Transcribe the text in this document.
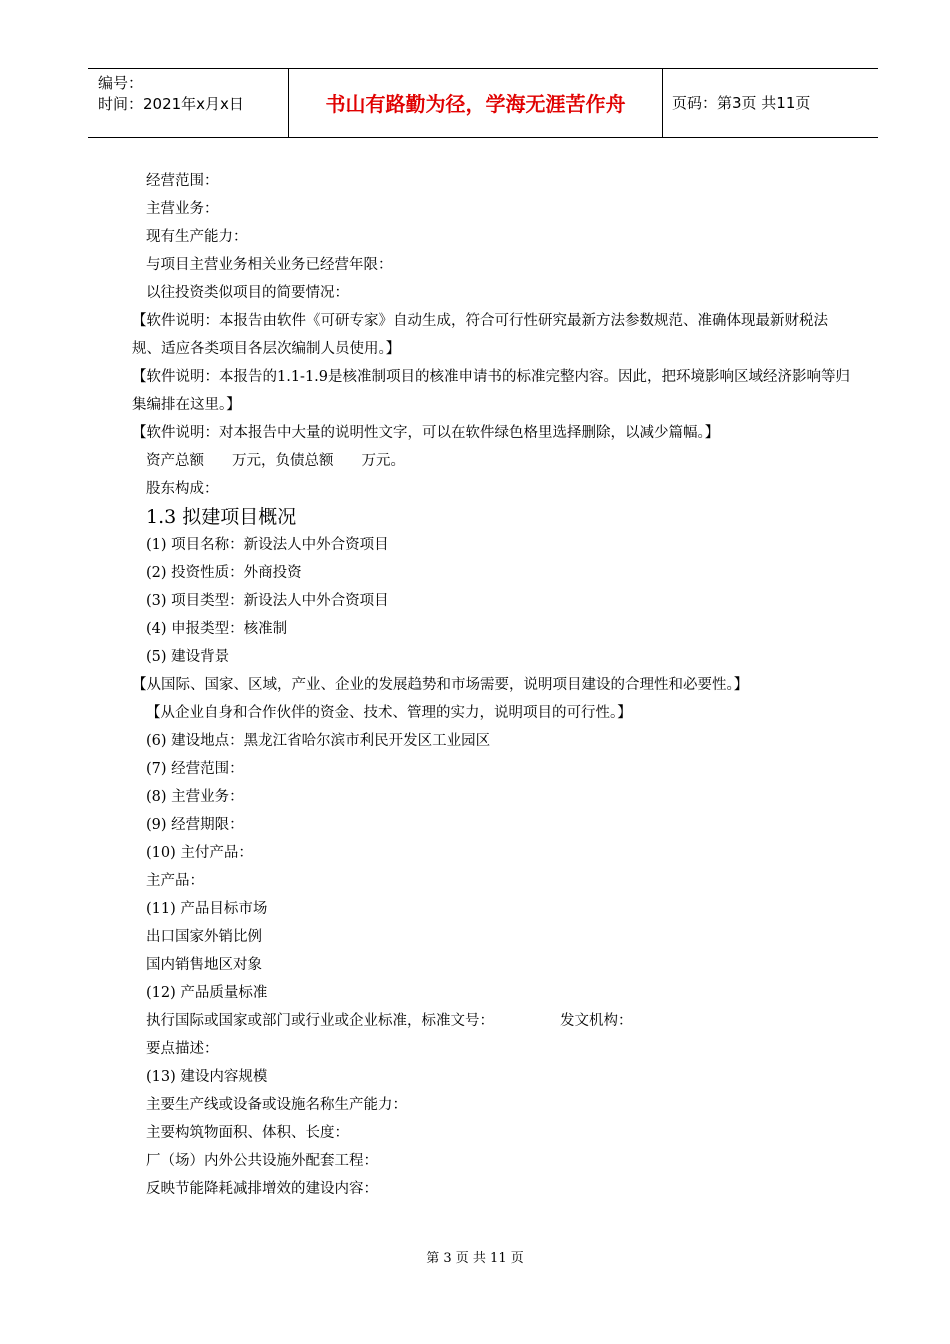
编号：
时间：2021年x月x日	书山有路勤为径，学海无涯苦作舟	页码：第3页 共11页
经营范围：
主营业务：
现有生产能力：
与项目主营业务相关业务已经营年限：
以往投资类似项目的简要情况：
【软件说明：本报告由软件《可研专家》自动生成，符合可行性研究最新方法参数规范、准确体现最新财税法规、适应各类项目各层次编制人员使用。】
【软件说明：本报告的1.1-1.9是核准制项目的核准申请书的标准完整内容。因此，把环境影响区域经济影响等归集编排在这里。】
【软件说明：对本报告中大量的说明性文字，可以在软件绿色格里选择删除，以减少篇幅。】
资产总额 万元，负债总额 万元。
股东构成：
1.3 拟建项目概况
(1) 项目名称：新设法人中外合资项目
(2) 投资性质：外商投资
(3) 项目类型：新设法人中外合资项目
(4) 申报类型：核准制
(5) 建设背景
【从国际、国家、区域，产业、企业的发展趋势和市场需要，说明项目建设的合理性和必要性。】
【从企业自身和合作伙伴的资金、技术、管理的实力，说明项目的可行性。】
(6) 建设地点：黑龙江省哈尔滨市利民开发区工业园区
(7) 经营范围：
(8) 主营业务：
(9) 经营期限：
(10) 主付产品：
主产品：
(11) 产品目标市场
出口国家外销比例
国内销售地区对象
(12) 产品质量标准
执行国际或国家或部门或行业或企业标准，标准文号：	发文机构：
要点描述：
(13) 建设内容规模
主要生产线或设备或设施名称生产能力：
主要构筑物面积、体积、长度：
厂（场）内外公共设施外配套工程：
反映节能降耗减排增效的建设内容：
第 3 页 共 11 页
